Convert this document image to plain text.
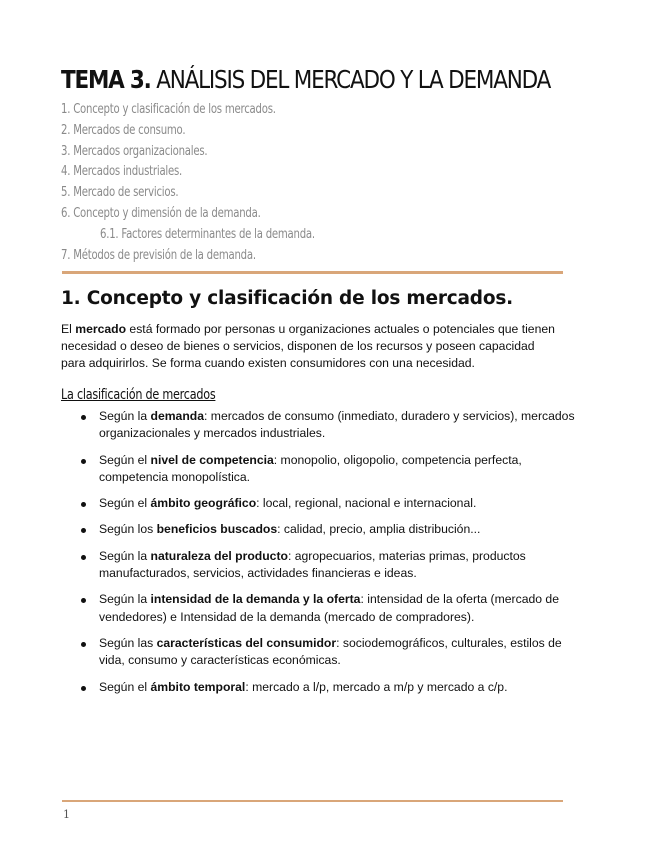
TEMA 3. ANÁLISIS DEL MERCADO Y LA DEMANDA
1. Concepto y clasificación de los mercados.
2. Mercados de consumo.
3. Mercados organizacionales.
4. Mercados industriales.
5. Mercado de servicios.
6. Concepto y dimensión de la demanda.
6.1. Factores determinantes de la demanda.
7. Métodos de previsión de la demanda.
1. Concepto y clasificación de los mercados.

El mercado está formado por personas u organizaciones actuales o potenciales que tienen necesidad o deseo de bienes o servicios, disponen de los recursos y poseen capacidad para adquirirlos. Se forma cuando existen consumidores con una necesidad.

La clasificación de mercados
Según la demanda: mercados de consumo (inmediato, duradero y servicios), mercados organizacionales y mercados industriales.
Según el nivel de competencia: monopolio, oligopolio, competencia perfecta, competencia monopolística.
Según el ámbito geográfico: local, regional, nacional e internacional.
Según los beneficios buscados: calidad, precio, amplia distribución...
Según la naturaleza del producto: agropecuarios, materias primas, productos manufacturados, servicios, actividades financieras e ideas.
Según la intensidad de la demanda y la oferta: intensidad de la oferta (mercado de vendedores) e Intensidad de la demanda (mercado de compradores).
Según las características del consumidor: sociodemográficos, culturales, estilos de vida, consumo y características económicas.
Según el ámbito temporal: mercado a l/p, mercado a m/p y mercado a c/p.
1
